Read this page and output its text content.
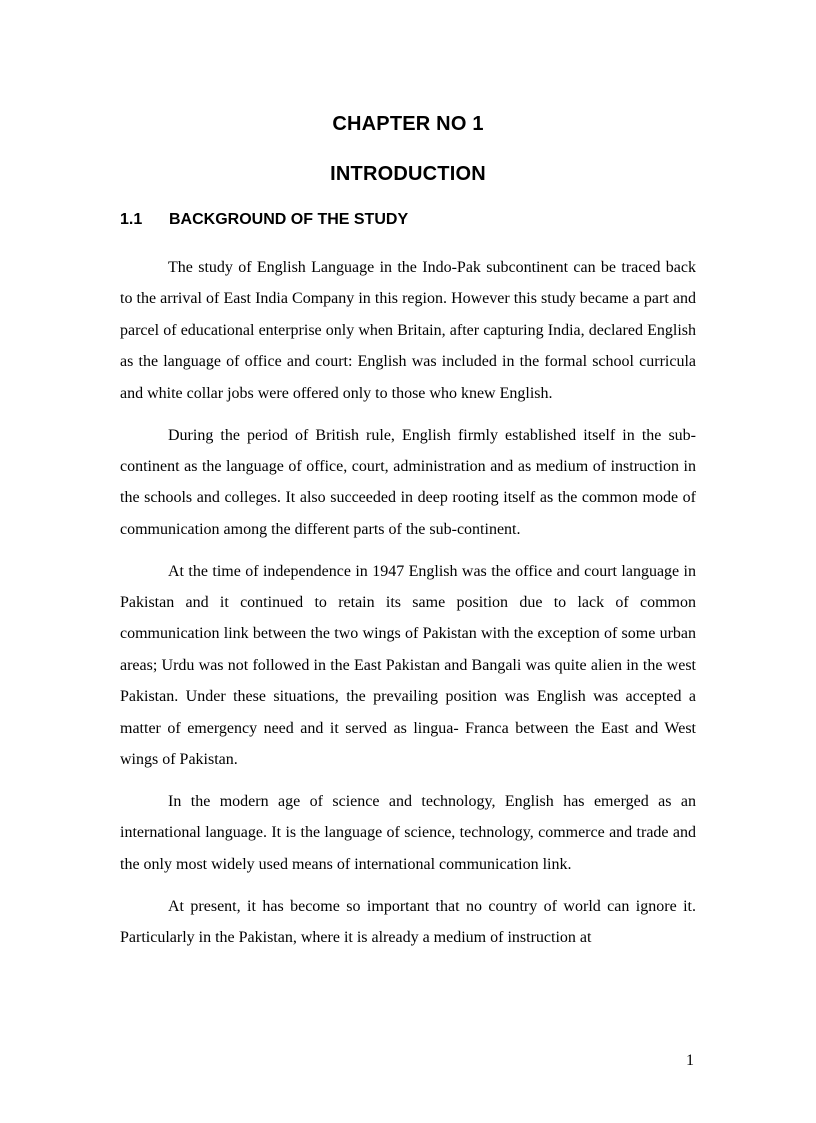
CHAPTER NO 1
INTRODUCTION
1.1 BACKGROUND OF THE STUDY

The study of English Language in the Indo-Pak subcontinent can be traced back to the arrival of East India Company in this region. However this study became a part and parcel of educational enterprise only when Britain, after capturing India, declared English as the language of office and court: English was included in the formal school curricula and white collar jobs were offered only to those who knew English.

During the period of British rule, English firmly established itself in the sub-continent as the language of office, court, administration and as medium of instruction in the schools and colleges. It also succeeded in deep rooting itself as the common mode of communication among the different parts of the sub-continent.

At the time of independence in 1947 English was the office and court language in Pakistan and it continued to retain its same position due to lack of common communication link between the two wings of Pakistan with the exception of some urban areas; Urdu was not followed in the East Pakistan and Bangali was quite alien in the west Pakistan. Under these situations, the prevailing position was English was accepted a matter of emergency need and it served as lingua- Franca between the East and West wings of Pakistan.

In the modern age of science and technology, English has emerged as an international language. It is the language of science, technology, commerce and trade and the only most widely used means of international communication link.

At present, it has become so important that no country of world can ignore it. Particularly in the Pakistan, where it is already a medium of instruction at

1
